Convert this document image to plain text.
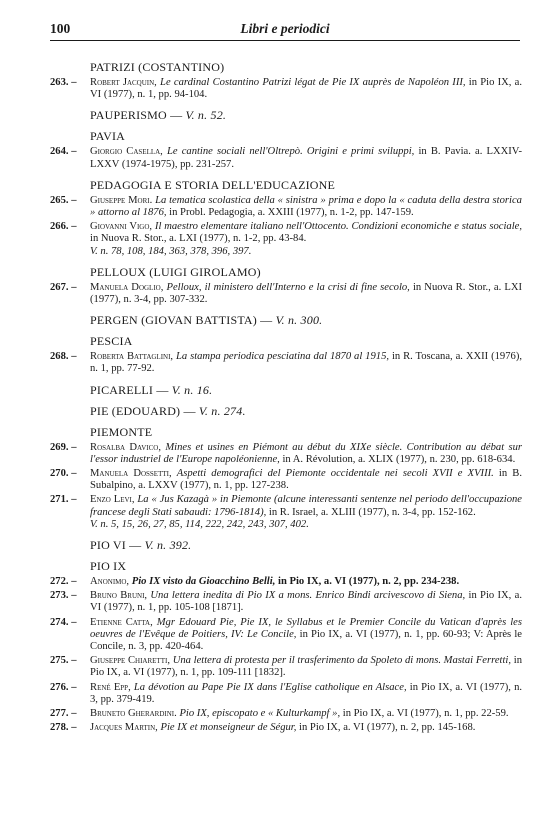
100	Libri e periodici
PATRIZI (COSTANTINO)
263. – Robert Jacquin, Le cardinal Costantino Patrizi légat de Pie IX auprès de Napoléon III, in Pio IX, a. VI (1977), n. 1, pp. 94-104.
PAUPERISMO — V. n. 52.
PAVIA
264. – Giorgio Casella, Le cantine sociali nell'Oltrepò. Origini e primi sviluppi, in B. Pavia. a. LXXIV-LXXV (1974-1975), pp. 231-257.
PEDAGOGIA E STORIA DELL'EDUCAZIONE
265. – Giuseppe Mori. La tematica scolastica della « sinistra » prima e dopo la « caduta della destra storica » attorno al 1876, in Probl. Pedagogia, a. XXIII (1977), n. 1-2, pp. 147-159.
266. – Giovanni Vigo, Il maestro elementare italiano nell'Ottocento. Condizioni economiche e status sociale, in Nuova R. Stor., a. LXI (1977), n. 1-2, pp. 43-84.
V. n. 78, 108, 184, 363, 378, 396, 397.
PELLOUX (LUIGI GIROLAMO)
267. – Manuela Doglio, Pelloux, il ministero dell'Interno e la crisi di fine secolo, in Nuova R. Stor., a. LXI (1977), n. 3-4, pp. 307-332.
PERGEN (GIOVAN BATTISTA) — V. n. 300.
PESCIA
268. – Roberta Battaglini, La stampa periodica pesciatina dal 1870 al 1915, in R. Toscana, a. XXII (1976), n. 1, pp. 77-92.
PICARELLI — V. n. 16.
PIE (EDOUARD) — V. n. 274.
PIEMONTE
269. – Rosalba Davico, Mines et usines en Piémont au début du XIXe siècle. Contribution au débat sur l'essor industriel de l'Europe napoléonienne, in A. Révolution, a. XLIX (1977), n. 230, pp. 618-634.
270. – Manuela Dossetti, Aspetti demografici del Piemonte occidentale nei secoli XVII e XVIII. in B. Subalpino, a. LXXV (1977), n. 1, pp. 127-238.
271. – Enzo Levi, La « Jus Kazagà » in Piemonte (alcune interessanti sentenze nel periodo dell'occupazione francese degli Stati sabaudi: 1796-1814), in R. Israel, a. XLIII (1977), n. 3-4, pp. 152-162.
V. n. 5, 15, 26, 27, 85, 114, 222, 242, 243, 307, 402.
PIO VI — V. n. 392.
PIO IX
272. – Anonimo, Pio IX visto da Gioacchino Belli, in Pio IX, a. VI (1977), n. 2, pp. 234-238.
273. – Bruno Bruni, Una lettera inedita di Pio IX a mons. Enrico Bindi arcivescovo di Siena, in Pio IX, a. VI (1977), n. 1, pp. 105-108 [1871].
274. – Etienne Catta, Mgr Edouard Pie, Pie IX, le Syllabus et le Premier Concile du Vatican d'après les oeuvres de l'Evêque de Poitiers, IV: Le Concile, in Pio IX, a. VI (1977), n. 1, pp. 60-93; V: Après le Concile, n. 3, pp. 420-464.
275. – Giuseppe Chiaretti, Una lettera di protesta per il trasferimento da Spoleto di mons. Mastai Ferretti, in Pio IX, a. VI (1977), n. 1, pp. 109-111 [1832].
276. – René Epp, La dévotion au Pape Pie IX dans l'Eglise catholique en Alsace, in Pio IX, a. VI (1977), n. 3, pp. 379-419.
277. – Bruneto Gherardini. Pio IX, episcopato e « Kulturkampf », in Pio IX, a. VI (1977), n. 1, pp. 22-59.
278. – Jacques Martin, Pie IX et monseigneur de Ségur, in Pio IX, a. VI (1977), n. 2, pp. 145-168.
